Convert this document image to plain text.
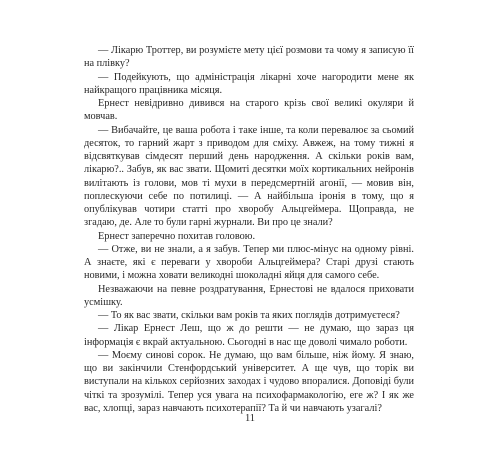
— Лікарю Троттер, ви розумієте мету цієї розмови та чому я записую її на плівку?

— Подейкують, що адміністрація лікарні хоче нагородити мене як найкращого працівника місяця.

Ернест невідривно дивився на старого крізь свої великі окуляри й мовчав.

— Вибачайте, це ваша робота і таке інше, та коли перевалює за сьомий десяток, то гарний жарт з приводом для сміху. Авжеж, на тому тижні я відсвяткував сімдесят перший день народження. А скільки років вам, лікарю?.. Забув, як вас звати. Щомиті десятки моїх кортикальних нейронів вилітають із голови, мов ті мухи в передсмертній агонії, — мовив він, поплескуючи себе по потилиці. — А найбільша іронія в тому, що я опублікував чотири статті про хворобу Альцгеймера. Щоправда, не згадаю, де. Але то були гарні журнали. Ви про це знали?

Ернест заперечно похитав головою.

— Отже, ви не знали, а я забув. Тепер ми плюс-мінус на одному рівні. А знаєте, які є переваги у хвороби Альцгеймера? Старі друзі стають новими, і можна ховати великодні шоколадні яйця для самого себе.

Незважаючи на певне роздратування, Ернестові не вдалося приховати усмішку.

— То як вас звати, скільки вам років та яких поглядів дотримуєтеся?

— Лікар Ернест Леш, що ж до решти — не думаю, що зараз ця інформація є вкрай актуальною. Сьогодні в нас ще доволі чимало роботи.

— Моєму синові сорок. Не думаю, що вам більше, ніж йому. Я знаю, що ви закінчили Стенфордський університет. А ще чув, що торік ви виступали на кількох серйозних заходах і чудово впоралися. Доповіді були чіткі та зрозумілі. Тепер уся увага на психофармакологію, еге ж? І як же вас, хлопці, зараз навчають психотерапії? Та й чи навчають узагалі?

11
